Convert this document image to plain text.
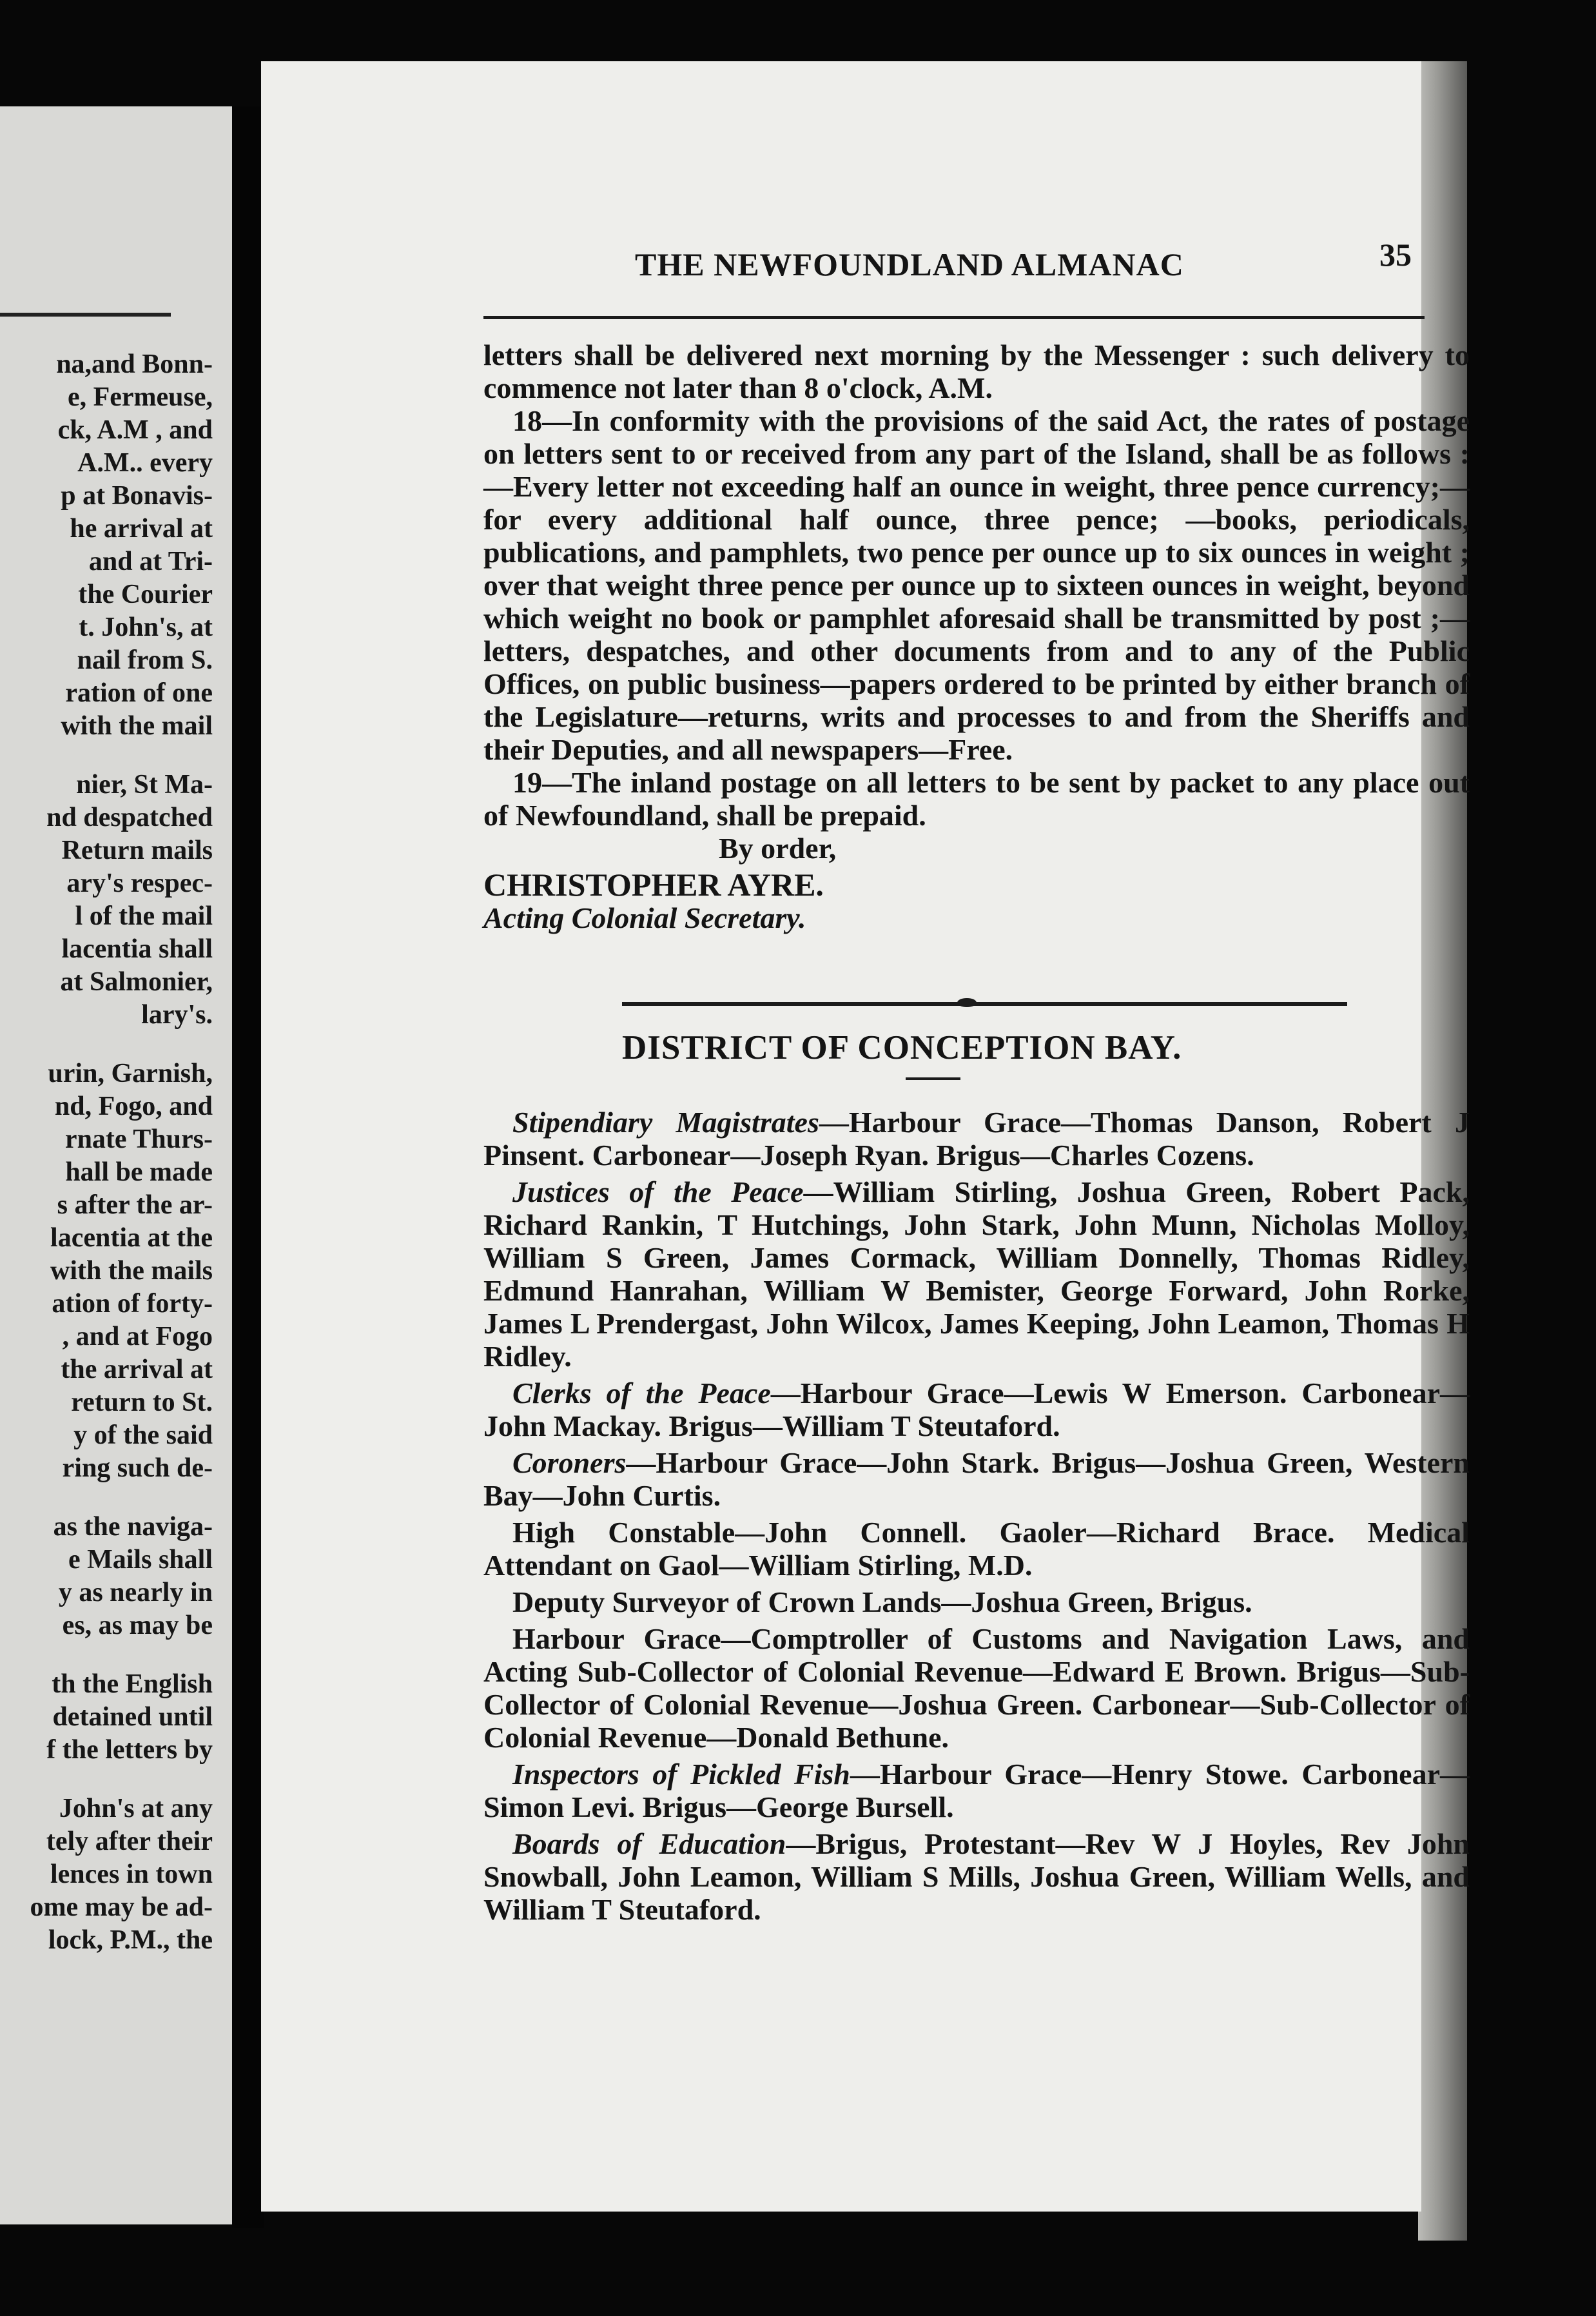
na,and Bonn-
e, Fermeuse,
ck, A.M , and
A.M.. every
p at Bonavis-
he arrival at
and at Tri-
the Courier
t. John's, at
nail from S.
ration of one
with the mail

nier, St Ma-
nd despatched
Return mails
ary's respec-
l of the mail
lacentia shall
at Salmonier,
lary's.

urin, Garnish,
nd, Fogo, and
rnate Thurs-
hall be made
s after the ar-
lacentia at the
with the mails
ation of forty-
, and at Fogo
the arrival at
return to St.
y of the said
ring such de-

as the naviga-
e Mails shall
y as nearly in
es, as may be

th the English
detained until
f the letters by

John's at any
tely after their
lences in town
ome may be ad-
lock, P.M., the
THE NEWFOUNDLAND ALMANAC	35

letters shall be delivered next morning by the Messenger : such delivery to commence not later than 8 o'clock, A.M.

18—In conformity with the provisions of the said Act, the rates of postage on letters sent to or received from any part of the Island, shall be as follows :—Every letter not exceeding half an ounce in weight, three pence currency;—for every additional half ounce, three pence; —books, periodicals, publications, and pamphlets, two pence per ounce up to six ounces in weight ; over that weight three pence per ounce up to sixteen ounces in weight, beyond which weight no book or pamphlet aforesaid shall be transmitted by post ;—letters, despatches, and other documents from and to any of the Public Offices, on public business—papers ordered to be printed by either branch of the Legislature—returns, writs and processes to and from the Sheriffs and their Deputies, and all newspapers—Free.

19—The inland postage on all letters to be sent by packet to any place out of Newfoundland, shall be prepaid.

By order,

CHRISTOPHER AYRE.

Acting Colonial Secretary.

DISTRICT OF CONCEPTION BAY.

Stipendiary Magistrates—Harbour Grace—Thomas Danson, Robert J Pinsent. Carbonear—Joseph Ryan. Brigus—Charles Cozens.

Justices of the Peace—William Stirling, Joshua Green, Robert Pack, Richard Rankin, T Hutchings, John Stark, John Munn, Nicholas Molloy, William S Green, James Cormack, William Donnelly, Thomas Ridley, Edmund Hanrahan, William W Bemister, George Forward, John Rorke, James L Prendergast, John Wilcox, James Keeping, John Leamon, Thomas H Ridley.

Clerks of the Peace—Harbour Grace—Lewis W Emerson. Carbonear—John Mackay. Brigus—William T Steutaford.

Coroners—Harbour Grace—John Stark. Brigus—Joshua Green, Western Bay—John Curtis.

High Constable—John Connell. Gaoler—Richard Brace. Medical Attendant on Gaol—William Stirling, M.D.

Deputy Surveyor of Crown Lands—Joshua Green, Brigus.

Harbour Grace—Comptroller of Customs and Navigation Laws, and Acting Sub-Collector of Colonial Revenue—Edward E Brown. Brigus—Sub-Collector of Colonial Revenue—Joshua Green. Carbonear—Sub-Collector of Colonial Revenue—Donald Bethune.

Inspectors of Pickled Fish—Harbour Grace—Henry Stowe. Carbonear—Simon Levi. Brigus—George Bursell.

Boards of Education—Brigus, Protestant—Rev W J Hoyles, Rev John Snowball, John Leamon, William S Mills, Joshua Green, William Wells, and William T Steutaford.
